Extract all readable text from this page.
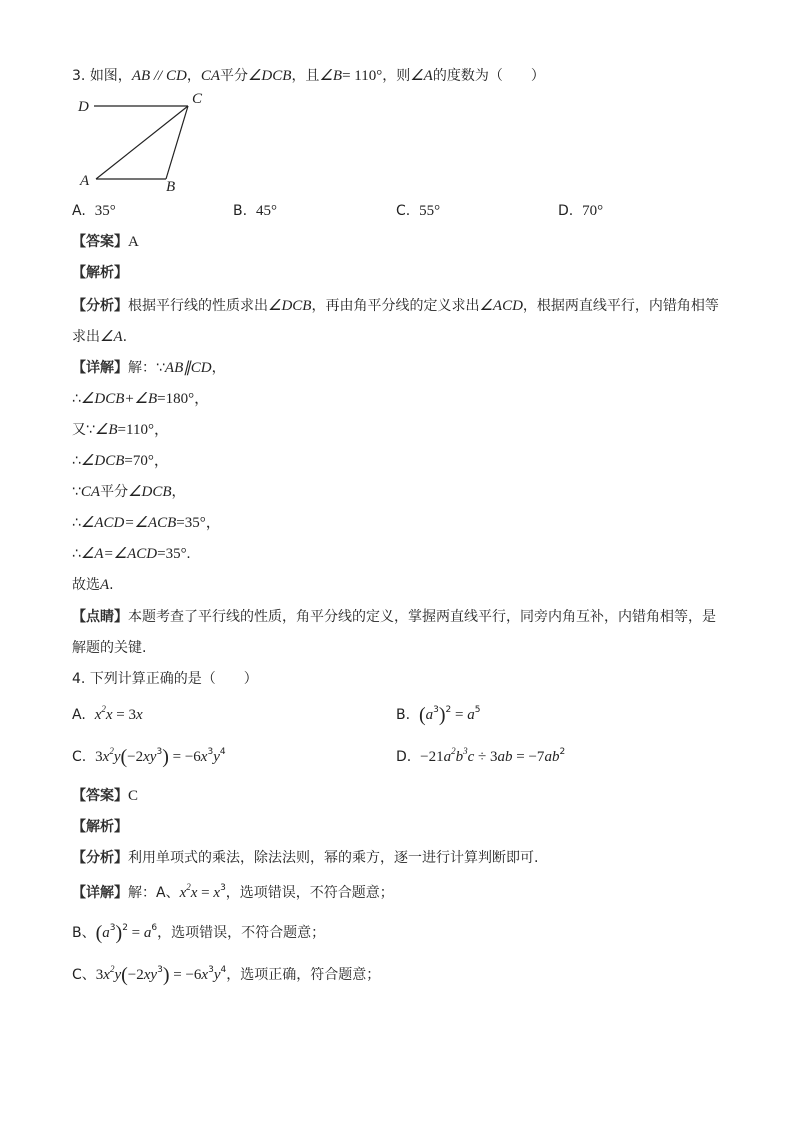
3. 如图，AB // CD，CA平分∠DCB，且∠B= 110°，则∠A的度数为（　　）
D	C
A	B
A. 35°	B. 45°	C. 55°	D. 70°
【答案】A
【解析】
【分析】根据平行线的性质求出∠DCB，再由角平分线的定义求出∠ACD，根据两直线平行，内错角相等
求出∠A.
【详解】解：∵AB∥CD，
∴∠DCB+∠B=180°，
又∵∠B=110°，
∴∠DCB=70°，
∵CA平分∠DCB，
∴∠ACD=∠ACB=35°，
∴∠A=∠ACD=35°.
故选A.
【点睛】本题考查了平行线的性质，角平分线的定义，掌握两直线平行，同旁内角互补，内错角相等，是
解题的关键.
4. 下列计算正确的是（　　）
A. $x^2x = 3x$	B. $(a^3)^2 = a^5$
C. $3x^2y(-2xy^3) = -6x^3y^4$	D. $-21a^2b^3c \div 3ab = -7ab^2$
【答案】C
【解析】
【分析】利用单项式的乘法，除法法则，幂的乘方，逐一进行计算判断即可.
【详解】解：A、$x^2x = x^3$，选项错误，不符合题意；
B、$(a^3)^2 = a^6$，选项错误，不符合题意；
C、$3x^2y(-2xy^3) = -6x^3y^4$，选项正确，符合题意；
